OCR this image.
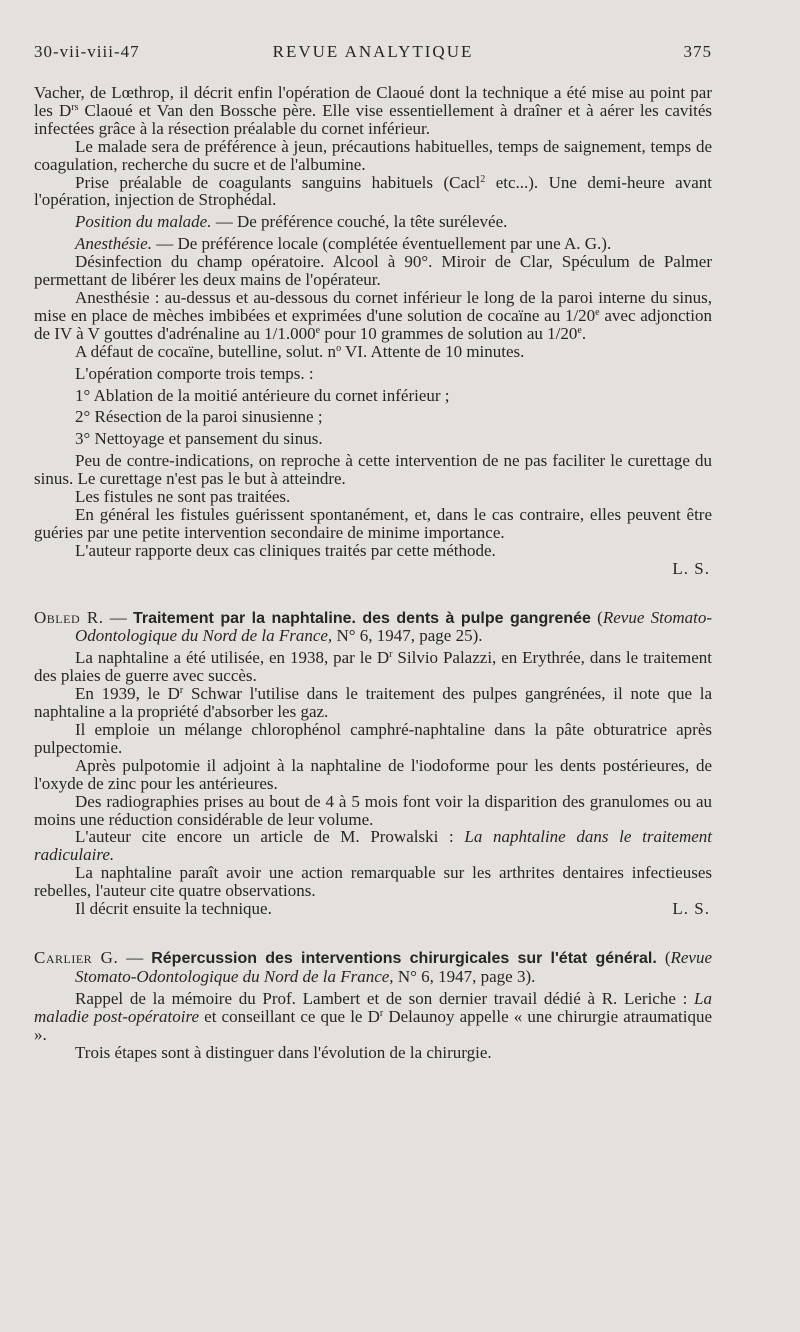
30-vii-viii-47	REVUE ANALYTIQUE	375

Vacher, de Lœthrop, il décrit enfin l'opération de Claoué dont la technique a été mise au point par les $D^{rs}$ Claoué et Van den Bossche père. Elle vise essentiellement à draîner et à aérer les cavités infectées grâce à la résection préalable du cornet inférieur.

Le malade sera de préférence à jeun, précautions habituelles, temps de saignement, temps de coagulation, recherche du sucre et de l'albumine.

Prise préalable de coagulants sanguins habituels (Cacl$^2$ etc...). Une demi-heure avant l'opération, injection de Strophédal.

Position du malade. — De préférence couché, la tête surélevée.

Anesthésie. — De préférence locale (complétée éventuellement par une A. G.).

Désinfection du champ opératoire. Alcool à 90°. Miroir de Clar, Spéculum de Palmer permettant de libérer les deux mains de l'opérateur.

Anesthésie : au-dessus et au-dessous du cornet inférieur le long de la paroi interne du sinus, mise en place de mèches imbibées et exprimées d'une solution de cocaïne au 1/20e avec adjonction de IV à V gouttes d'adrénaline au 1/1.000e pour 10 grammes de solution au 1/20e.

A défaut de cocaïne, butelline, solut. $n^o$ VI. Attente de 10 minutes.

L'opération comporte trois temps. :

1° Ablation de la moitié antérieure du cornet inférieur ;

2° Résection de la paroi sinusienne ;

3° Nettoyage et pansement du sinus.

Peu de contre-indications, on reproche à cette intervention de ne pas faciliter le curettage du sinus. Le curettage n'est pas le but à atteindre.

Les fistules ne sont pas traitées.

En général les fistules guérissent spontanément, et, dans le cas contraire, elles peuvent être guéries par une petite intervention secondaire de minime importance.

L'auteur rapporte deux cas cliniques traités par cette méthode.

L. S.

Obled R. — Traitement par la naphtaline. des dents à pulpe gangrenée (Revue Stomato-Odontologique du Nord de la France, N° 6, 1947, page 25).

La naphtaline a été utilisée, en 1938, par le $D^r$ Silvio Palazzi, en Erythrée, dans le traitement des plaies de guerre avec succès.

En 1939, le $D^r$ Schwar l'utilise dans le traitement des pulpes gangrénées, il note que la naphtaline a la propriété d'absorber les gaz.

Il emploie un mélange chlorophénol camphré-naphtaline dans la pâte obturatrice après pulpectomie.

Après pulpotomie il adjoint à la naphtaline de l'iodoforme pour les dents postérieures, de l'oxyde de zinc pour les antérieures.

Des radiographies prises au bout de 4 à 5 mois font voir la disparition des granulomes ou au moins une réduction considérable de leur volume.

L'auteur cite encore un article de M. Prowalski : La naphtaline dans le traitement radiculaire.

La naphtaline paraît avoir une action remarquable sur les arthrites dentaires infectieuses rebelles, l'auteur cite quatre observations.

Il décrit ensuite la technique.	L. S.

Carlier G. — Répercussion des interventions chirurgicales sur l'état général. (Revue Stomato-Odontologique du Nord de la France, N° 6, 1947, page 3).

Rappel de la mémoire du Prof. Lambert et de son dernier travail dédié à R. Leriche : La maladie post-opératoire et conseillant ce que le $D^r$ Delaunoy appelle « une chirurgie atraumatique ».

Trois étapes sont à distinguer dans l'évolution de la chirurgie.
